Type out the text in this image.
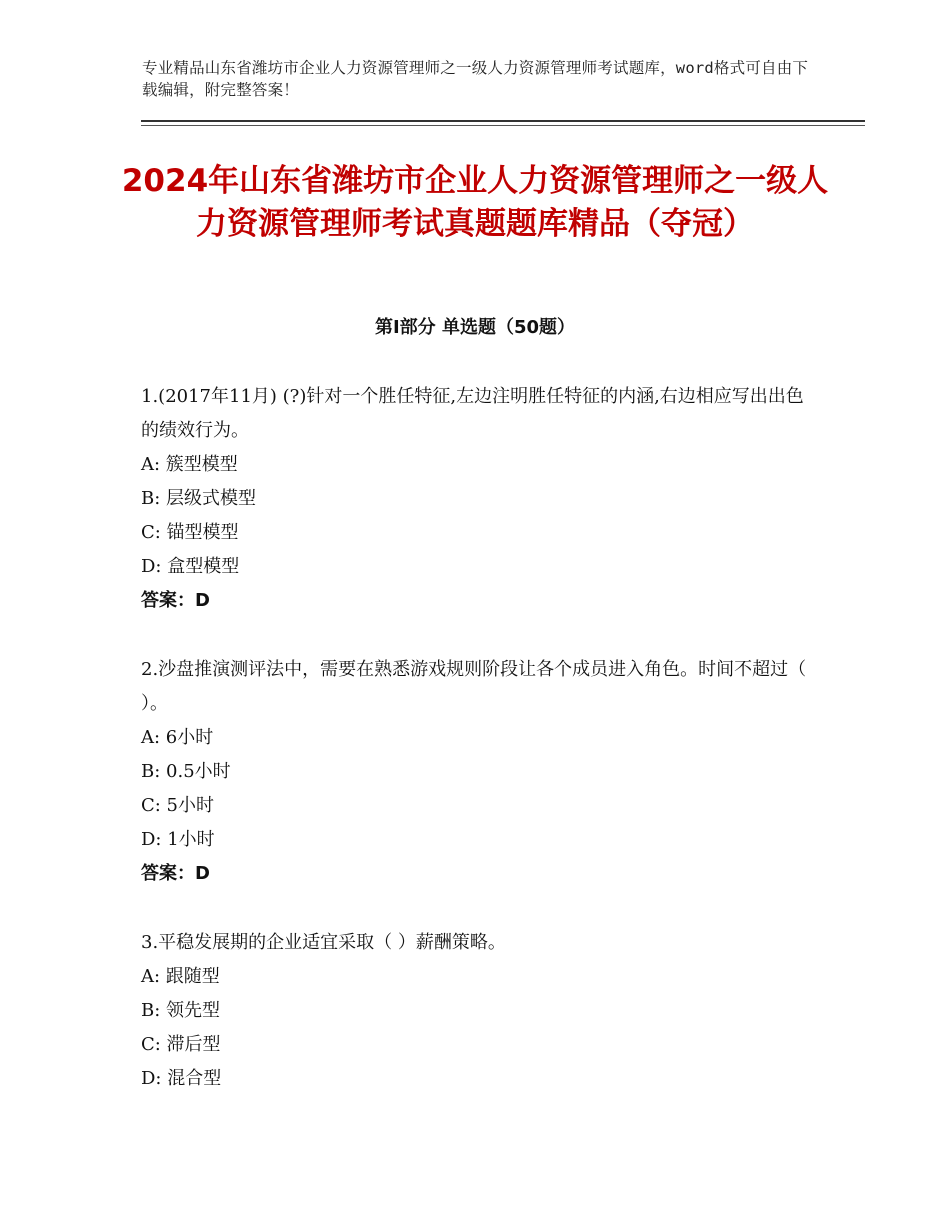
专业精品山东省潍坊市企业人力资源管理师之一级人力资源管理师考试题库，word格式可自由下载编辑，附完整答案！
2024年山东省潍坊市企业人力资源管理师之一级人力资源管理师考试真题题库精品（夺冠）
第Ⅰ部分 单选题（50题）

1.(2017年11月) (?)针对一个胜任特征,左边注明胜任特征的内涵,右边相应写出出色的绩效行为。

A: 簇型模型

B: 层级式模型

C: 锚型模型

D: 盒型模型

答案：D

2.沙盘推演测评法中，需要在熟悉游戏规则阶段让各个成员进入角色。时间不超过（ ）。

A: 6小时

B: 0.5小时

C: 5小时

D: 1小时

答案：D

3.平稳发展期的企业适宜采取（ ）薪酬策略。

A: 跟随型

B: 领先型

C: 滞后型

D: 混合型
